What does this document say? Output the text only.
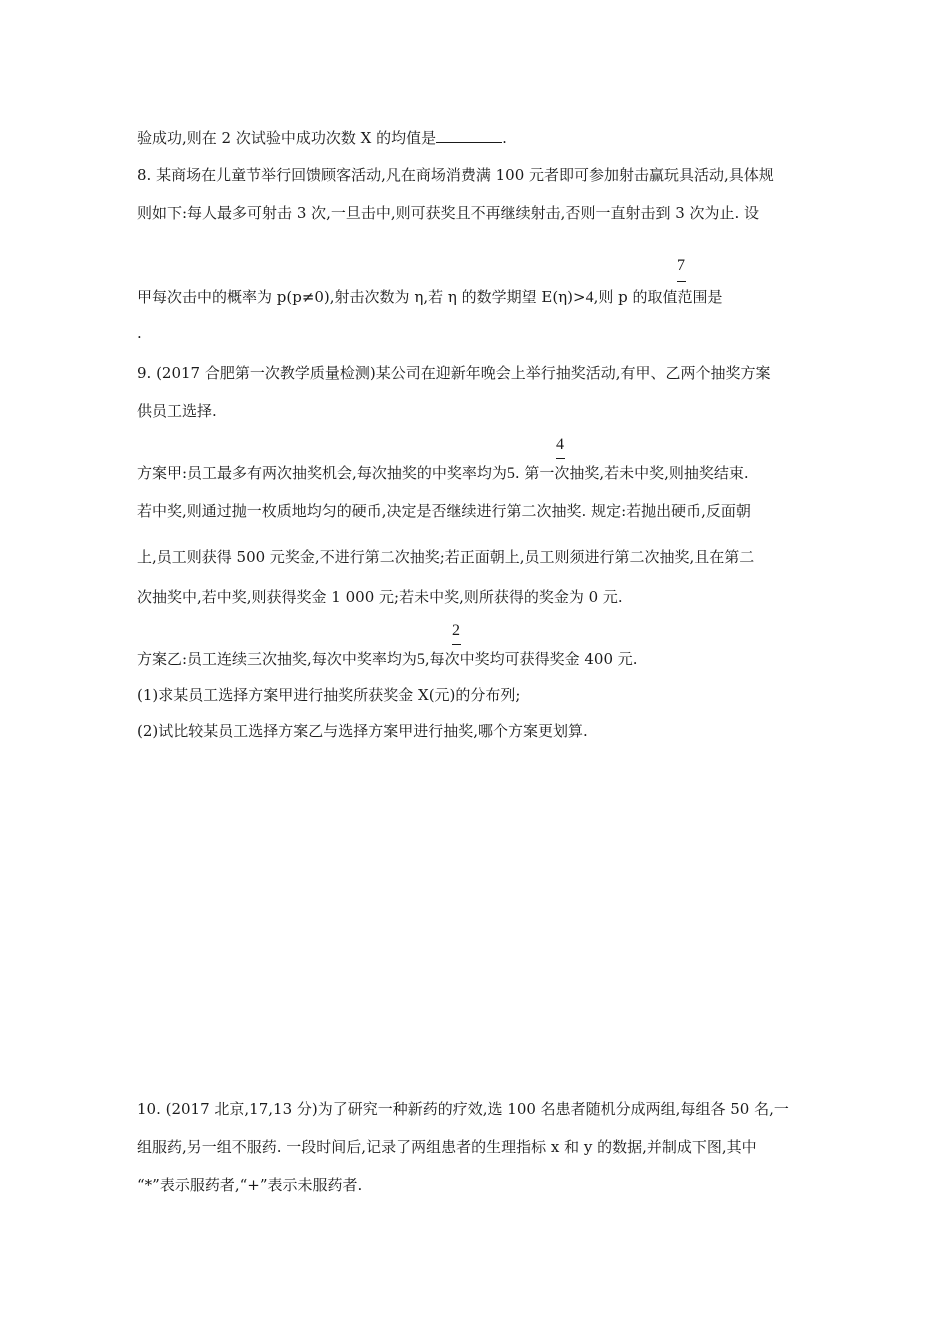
验成功,则在 2 次试验中成功次数 X 的均值是	.
8. 某商场在儿童节举行回馈顾客活动,凡在商场消费满 100 元者即可参加射击赢玩具活动,具体规
则如下:每人最多可射击 3 次,一旦击中,则可获奖且不再继续射击,否则一直射击到 3 次为止. 设
7
甲每次击中的概率为 p(p≠0),射击次数为 η,若 η 的数学期望 E(η)>4,则 p 的取值范围是
.
9. (2017 合肥第一次教学质量检测)某公司在迎新年晚会上举行抽奖活动,有甲、乙两个抽奖方案
供员工选择.
4
方案甲:员工最多有两次抽奖机会,每次抽奖的中奖率均为5. 第一次抽奖,若未中奖,则抽奖结束.
若中奖,则通过抛一枚质地均匀的硬币,决定是否继续进行第二次抽奖. 规定:若抛出硬币,反面朝
上,员工则获得 500 元奖金,不进行第二次抽奖;若正面朝上,员工则须进行第二次抽奖,且在第二
次抽奖中,若中奖,则获得奖金 1 000 元;若未中奖,则所获得的奖金为 0 元.
2
方案乙:员工连续三次抽奖,每次中奖率均为5,每次中奖均可获得奖金 400 元.
(1)求某员工选择方案甲进行抽奖所获奖金 X(元)的分布列;
(2)试比较某员工选择方案乙与选择方案甲进行抽奖,哪个方案更划算.
10. (2017 北京,17,13 分)为了研究一种新药的疗效,选 100 名患者随机分成两组,每组各 50 名,一
组服药,另一组不服药. 一段时间后,记录了两组患者的生理指标 x 和 y 的数据,并制成下图,其中
“*”表示服药者,“+”表示未服药者.
